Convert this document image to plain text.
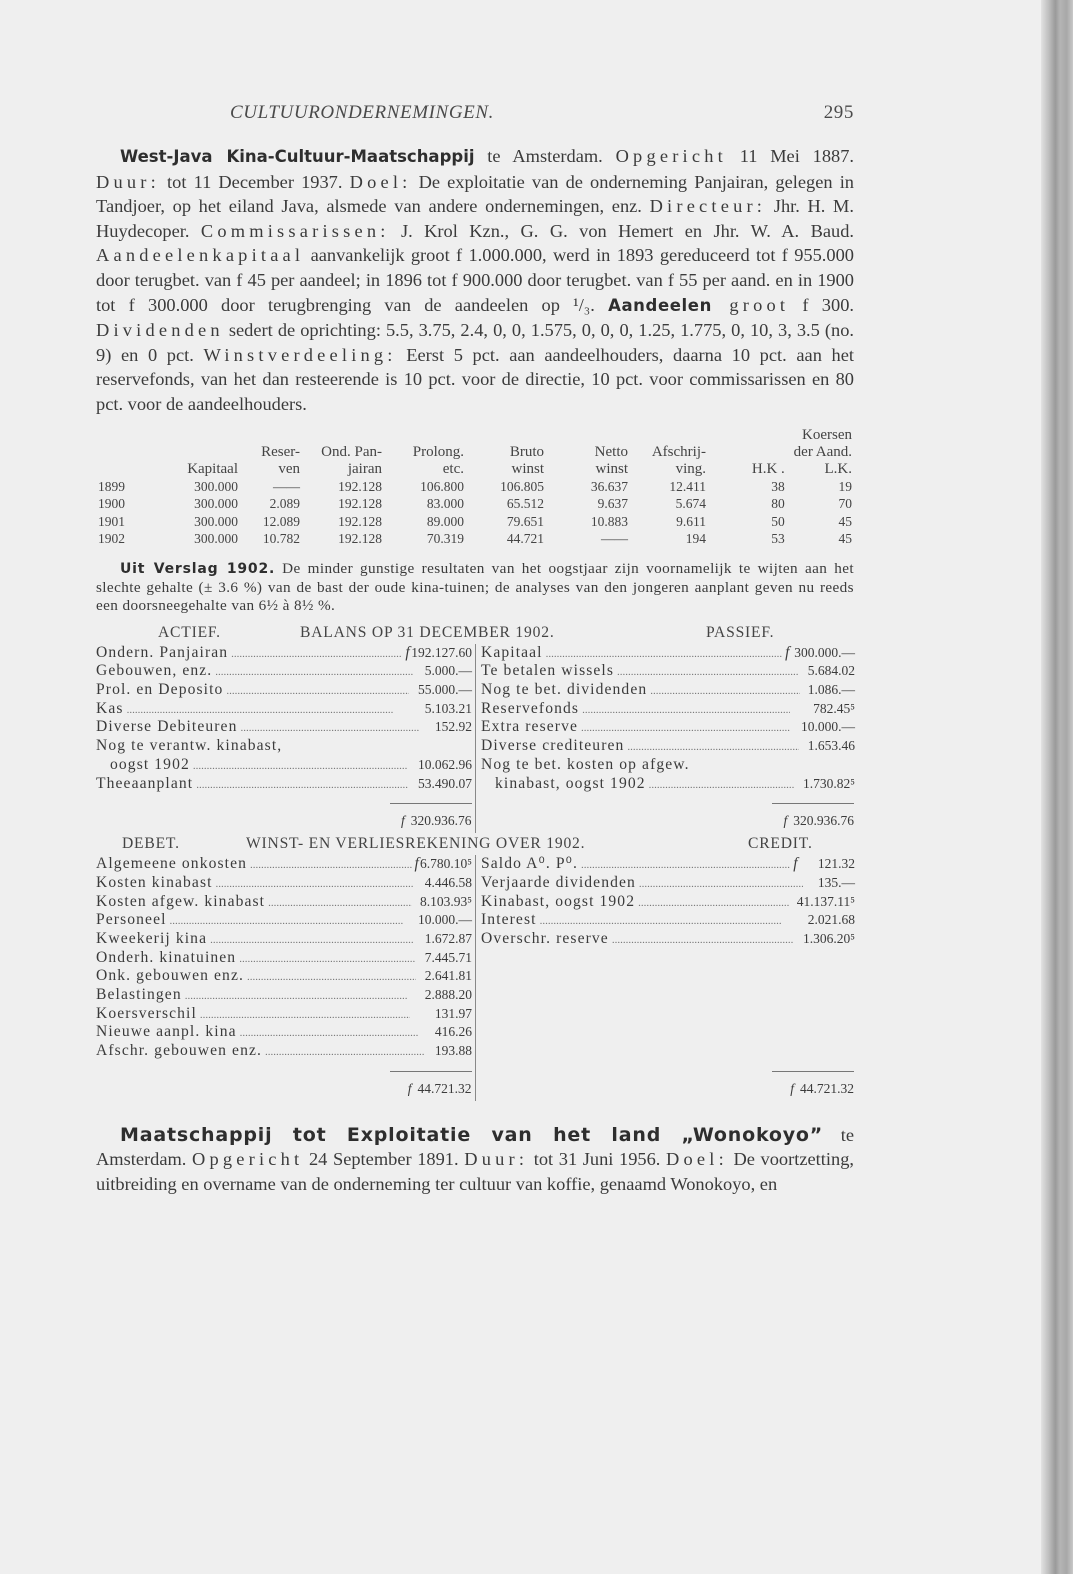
CULTUURONDERNEMINGEN.	295

West-Java Kina-Cultuur-Maatschappij te Amsterdam. Opgericht 11 Mei 1887. Duur: tot 11 December 1937. Doel: De exploitatie van de onderneming Panjairan, gelegen in Tandjoer, op het eiland Java, alsmede van andere ondernemingen, enz. Directeur: Jhr. H. M. Huydecoper. Commissarissen: J. Krol Kzn., G. G. von Hemert en Jhr. W. A. Baud. Aandeelenkapitaal aanvankelijk groot f 1.000.000, werd in 1893 gereduceerd tot f 955.000 door terugbet. van f 45 per aandeel; in 1896 tot f 900.000 door terugbet. van f 55 per aand. en in 1900 tot f 300.000 door terugbrenging van de aandeelen op ¹/₃. Aandeelen groot f 300. Dividenden sedert de oprichting: 5.5, 3.75, 2.4, 0, 0, 1.575, 0, 0, 0, 1.25, 1.775, 0, 10, 3, 3.5 (no. 9) en 0 pct. Winstverdeeling: Eerst 5 pct. aan aandeelhouders, daarna 10 pct. aan het reservefonds, van het dan resteerende is 10 pct. voor de directie, 10 pct. voor commissarissen en 80 pct. voor de aandeelhouders.

								Koersen	
		Reser-	Ond. Pan-	Prolong.	Bruto	Netto	Afschrij-	der Aand.	
	Kapitaal	ven	jairan	etc.	winst	winst	ving.	H.K .	L.K.
1899	300.000	——	192.128	106.800	106.805	36.637	12.411	38	19
1900	300.000	2.089	192.128	83.000	65.512	9.637	5.674	80	70
1901	300.000	12.089	192.128	89.000	79.651	10.883	9.611	50	45
1902	300.000	10.782	192.128	70.319	44.721	——	194	53	45

Uit Verslag 1902. De minder gunstige resultaten van het oogstjaar zijn voornamelijk te wijten aan het slechte gehalte (± 3.6 %) van de bast der oude kina-tuinen; de analyses van den jongeren aanplant geven nu reeds een doorsneegehalte van 6½ à 8½ %.

ACTIEF.	BALANS OP 31 DECEMBER 1902.	PASSIEF.
Ondern. Panjairan .....	f 192.127.60
Gebouwen, enz. .....	5.000.—
Prol. en Deposito .....	55.000.—
Kas .....	5.103.21
Diverse Debiteuren .....	152.92
Nog te verantw. kinabast,
oogst 1902 .....	10.062.96
Theeaanplant .....	53.490.07
Kapitaal .....	f 300.000.—
Te betalen wissels .....	5.684.02
Nog te bet. dividenden .....	1.086.—
Reservefonds .....	782.45⁵
Extra reserve .....	10.000.—
Diverse crediteuren .....	1.653.46
Nog te bet. kosten op afgew.
kinabast, oogst 1902 .....	1.730.82⁵
f 320.936.76	f 320.936.76
DEBET.	WINST- EN VERLIESREKENING OVER 1902.	CREDIT.
Algemeene onkosten .....	f 6.780.10⁵
Kosten kinabast .....	4.446.58
Kosten afgew. kinabast .....	8.103.93⁵
Personeel .....	10.000.—
Kweekerij kina .....	1.672.87
Onderh. kinatuinen .....	7.445.71
Onk. gebouwen enz. .....	2.641.81
Belastingen .....	2.888.20
Koersverschil .....	131.97
Nieuwe aanpl. kina .....	416.26
Afschr. gebouwen enz. .....	193.88
Saldo A⁰. P⁰. .....	f	121.32
Verjaarde dividenden .....	135.—
Kinabast, oogst 1902 .....	41.137.11⁵
Interest .....	2.021.68
Overschr. reserve .....	1.306.20⁵
f 44.721.32	f 44.721.32

Maatschappij tot Exploitatie van het land „Wonokoyo” te Amsterdam. Opgericht 24 September 1891. Duur: tot 31 Juni 1956. Doel: De voortzetting, uitbreiding en overname van de onderneming ter cultuur van koffie, genaamd Wonokoyo, en
